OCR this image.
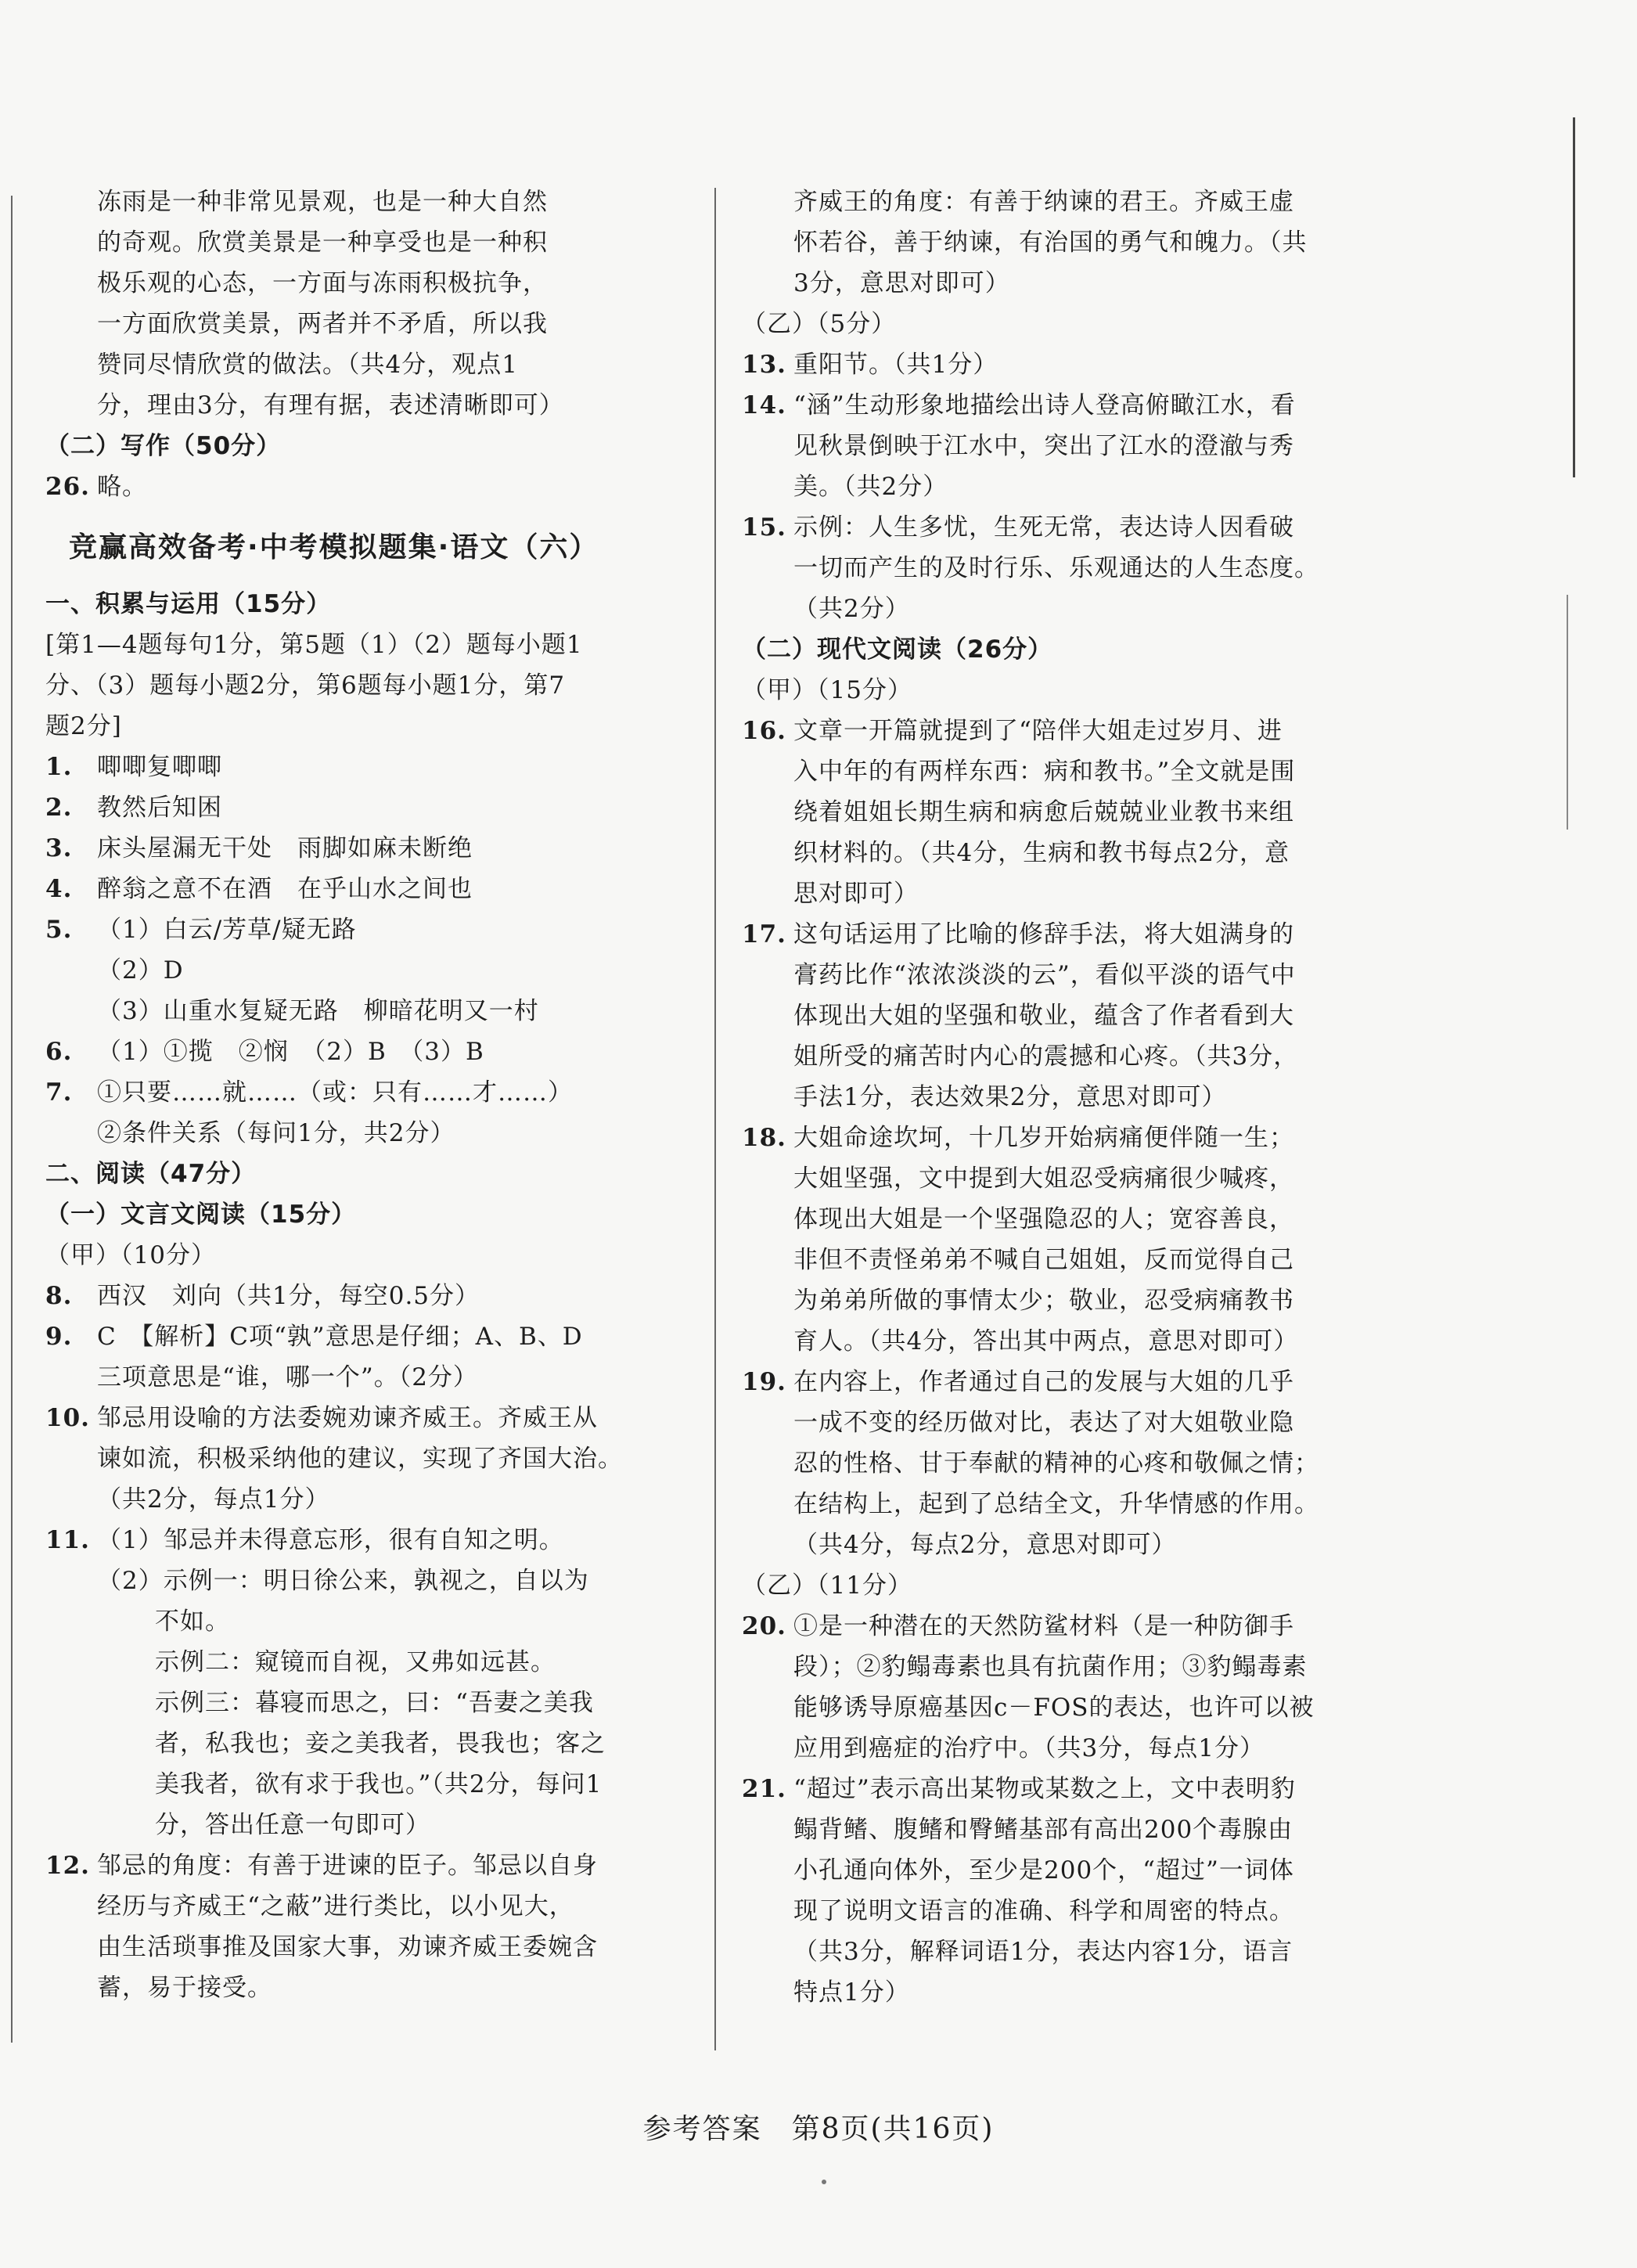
冻雨是一种非常见景观，也是一种大自然
的奇观。欣赏美景是一种享受也是一种积
极乐观的心态，一方面与冻雨积极抗争，
一方面欣赏美景，两者并不矛盾，所以我
赞同尽情欣赏的做法。（共4分，观点1
分，理由3分，有理有据，表述清晰即可）
（二）写作（50分）
26. 略。
竞赢高效备考·中考模拟题集·语文（六）
一、积累与运用（15分）
[第1—4题每句1分，第5题（1）（2）题每小题1
分、（3）题每小题2分，第6题每小题1分，第7
题2分]
1. 唧唧复唧唧
2. 教然后知困
3. 床头屋漏无干处　雨脚如麻未断绝
4. 醉翁之意不在酒　在乎山水之间也
5. （1）白云/芳草/疑无路
（2）D
（3）山重水复疑无路　柳暗花明又一村
6. （1）①揽　②悯　（2）B　（3）B
7. ①只要……就……（或：只有……才……）
②条件关系（每问1分，共2分）
二、阅读（47分）
（一）文言文阅读（15分）
（甲）（10分）
8. 西汉　刘向（共1分，每空0.5分）
9. C　【解析】C项“孰”意思是仔细；A、B、D
三项意思是“谁，哪一个”。（2分）
10. 邹忌用设喻的方法委婉劝谏齐威王。齐威王从
谏如流，积极采纳他的建议，实现了齐国大治。
（共2分，每点1分）
11. （1）邹忌并未得意忘形，很有自知之明。
（2）示例一：明日徐公来，孰视之，自以为
不如。
示例二：窥镜而自视，又弗如远甚。
示例三：暮寝而思之，曰：“吾妻之美我
者，私我也；妾之美我者，畏我也；客之
美我者，欲有求于我也。”（共2分，每问1
分，答出任意一句即可）
12. 邹忌的角度：有善于进谏的臣子。邹忌以自身
经历与齐威王“之蔽”进行类比，以小见大，
由生活琐事推及国家大事，劝谏齐威王委婉含
蓄，易于接受。
齐威王的角度：有善于纳谏的君王。齐威王虚
怀若谷，善于纳谏，有治国的勇气和魄力。（共
3分，意思对即可）
（乙）（5分）
13. 重阳节。（共1分）
14. “涵”生动形象地描绘出诗人登高俯瞰江水，看
见秋景倒映于江水中，突出了江水的澄澈与秀
美。（共2分）
15. 示例：人生多忧，生死无常，表达诗人因看破
一切而产生的及时行乐、乐观通达的人生态度。
（共2分）
（二）现代文阅读（26分）
（甲）（15分）
16. 文章一开篇就提到了“陪伴大姐走过岁月、进
入中年的有两样东西：病和教书。”全文就是围
绕着姐姐长期生病和病愈后兢兢业业教书来组
织材料的。（共4分，生病和教书每点2分，意
思对即可）
17. 这句话运用了比喻的修辞手法，将大姐满身的
膏药比作“浓浓淡淡的云”，看似平淡的语气中
体现出大姐的坚强和敬业，蕴含了作者看到大
姐所受的痛苦时内心的震撼和心疼。（共3分，
手法1分，表达效果2分，意思对即可）
18. 大姐命途坎坷，十几岁开始病痛便伴随一生；
大姐坚强，文中提到大姐忍受病痛很少喊疼，
体现出大姐是一个坚强隐忍的人；宽容善良，
非但不责怪弟弟不喊自己姐姐，反而觉得自己
为弟弟所做的事情太少；敬业，忍受病痛教书
育人。（共4分，答出其中两点，意思对即可）
19. 在内容上，作者通过自己的发展与大姐的几乎
一成不变的经历做对比，表达了对大姐敬业隐
忍的性格、甘于奉献的精神的心疼和敬佩之情；
在结构上，起到了总结全文，升华情感的作用。
（共4分，每点2分，意思对即可）
（乙）（11分）
20. ①是一种潜在的天然防鲨材料（是一种防御手
段）；②豹鳎毒素也具有抗菌作用；③豹鳎毒素
能够诱导原癌基因c－FOS的表达，也许可以被
应用到癌症的治疗中。（共3分，每点1分）
21. “超过”表示高出某物或某数之上，文中表明豹
鳎背鳍、腹鳍和臀鳍基部有高出200个毒腺由
小孔通向体外，至少是200个，“超过”一词体
现了说明文语言的准确、科学和周密的特点。
（共3分，解释词语1分，表达内容1分，语言
特点1分）
参考答案　第8页(共16页)
